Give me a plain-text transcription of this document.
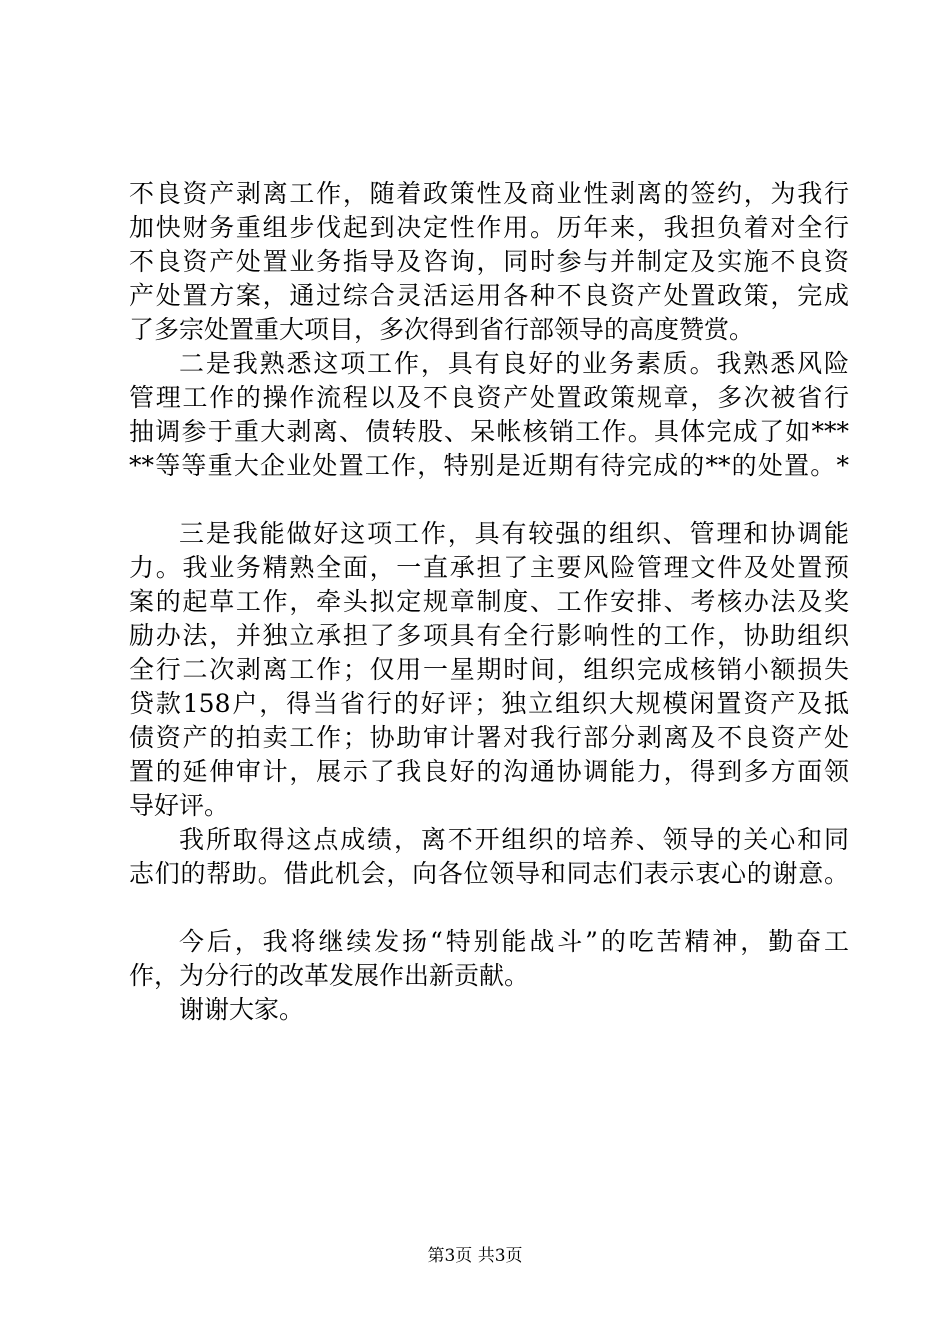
不良资产剥离工作，随着政策性及商业性剥离的签约，为我行
加快财务重组步伐起到决定性作用。历年来，我担负着对全行
不良资产处置业务指导及咨询，同时参与并制定及实施不良资
产处置方案，通过综合灵活运用各种不良资产处置政策，完成
了多宗处置重大项目，多次得到省行部领导的高度赞赏。
二是我熟悉这项工作，具有良好的业务素质。我熟悉风险
管理工作的操作流程以及不良资产处置政策规章，多次被省行
抽调参于重大剥离、债转股、呆帐核销工作。具体完成了如***
**等等重大企业处置工作，特别是近期有待完成的**的处置。*
三是我能做好这项工作，具有较强的组织、管理和协调能
力。我业务精熟全面，一直承担了主要风险管理文件及处置预
案的起草工作，牵头拟定规章制度、工作安排、考核办法及奖
励办法，并独立承担了多项具有全行影响性的工作，协助组织
全行二次剥离工作；仅用一星期时间，组织完成核销小额损失
贷款158户，得当省行的好评；独立组织大规模闲置资产及抵
债资产的拍卖工作；协助审计署对我行部分剥离及不良资产处
置的延伸审计，展示了我良好的沟通协调能力，得到多方面领
导好评。
我所取得这点成绩，离不开组织的培养、领导的关心和同
志们的帮助。借此机会，向各位领导和同志们表示衷心的谢意。
今后，我将继续发扬“特别能战斗”的吃苦精神，勤奋工
作，为分行的改革发展作出新贡献。
谢谢大家。
第3页 共3页
